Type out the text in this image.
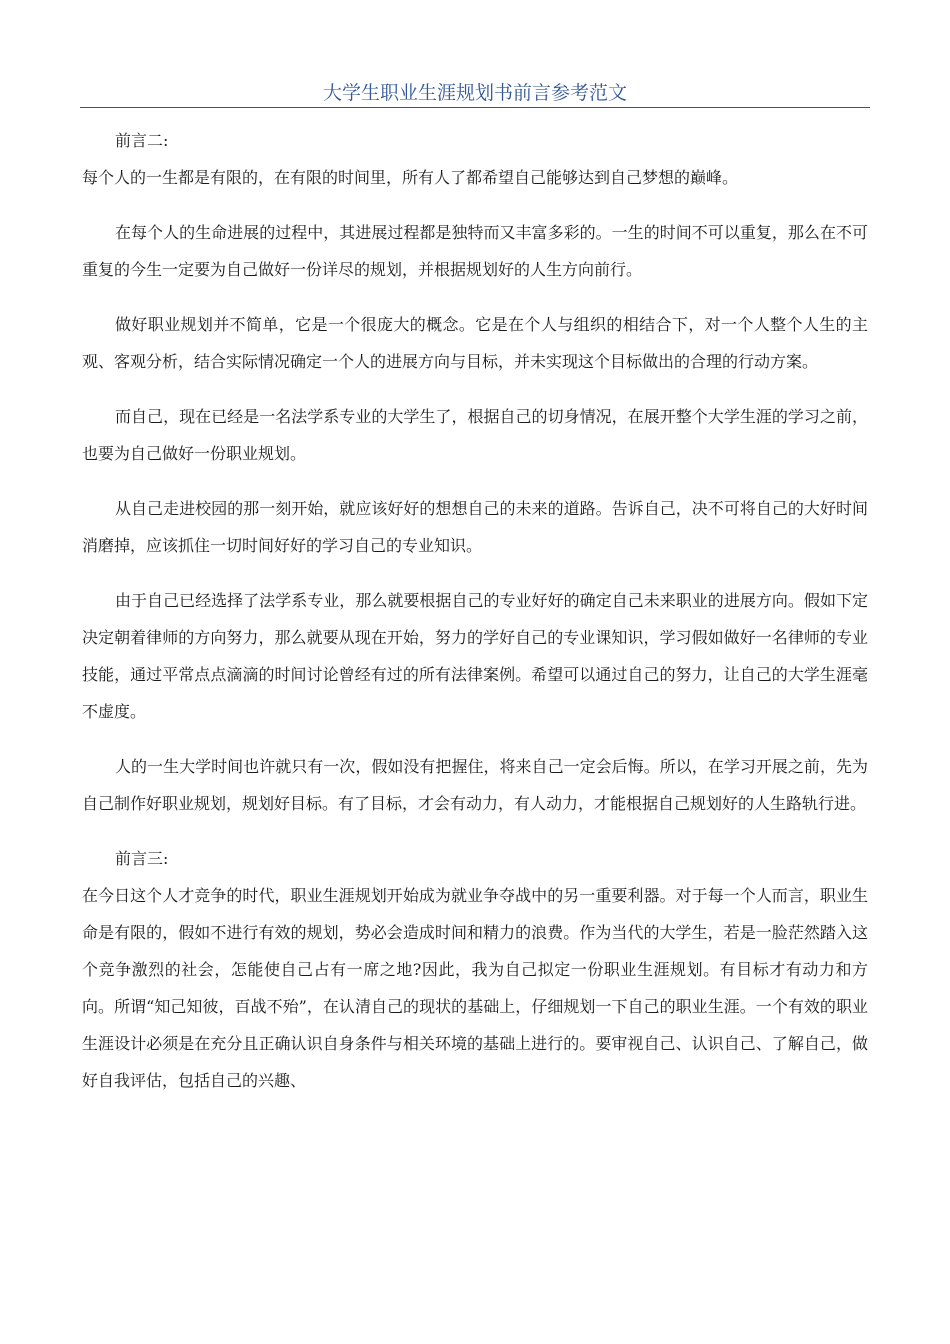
大学生职业生涯规划书前言参考范文

前言二:

每个人的一生都是有限的，在有限的时间里，所有人了都希望自己能够达到自己梦想的巅峰。

在每个人的生命进展的过程中，其进展过程都是独特而又丰富多彩的。一生的时间不可以重复，那么在不可重复的今生一定要为自己做好一份详尽的规划，并根据规划好的人生方向前行。

做好职业规划并不简单，它是一个很庞大的概念。它是在个人与组织的相结合下，对一个人整个人生的主观、客观分析，结合实际情况确定一个人的进展方向与目标，并未实现这个目标做出的合理的行动方案。

而自己，现在已经是一名法学系专业的大学生了，根据自己的切身情况，在展开整个大学生涯的学习之前，也要为自己做好一份职业规划。

从自己走进校园的那一刻开始，就应该好好的想想自己的未来的道路。告诉自己，决不可将自己的大好时间消磨掉，应该抓住一切时间好好的学习自己的专业知识。

由于自己已经选择了法学系专业，那么就要根据自己的专业好好的确定自己未来职业的进展方向。假如下定决定朝着律师的方向努力，那么就要从现在开始，努力的学好自己的专业课知识，学习假如做好一名律师的专业技能，通过平常点点滴滴的时间讨论曾经有过的所有法律案例。希望可以通过自己的努力，让自己的大学生涯毫不虚度。

人的一生大学时间也许就只有一次，假如没有把握住，将来自己一定会后悔。所以，在学习开展之前，先为自己制作好职业规划，规划好目标。有了目标，才会有动力，有人动力，才能根据自己规划好的人生路轨行进。

前言三:

在今日这个人才竞争的时代，职业生涯规划开始成为就业争夺战中的另一重要利器。对于每一个人而言，职业生命是有限的，假如不进行有效的规划，势必会造成时间和精力的浪费。作为当代的大学生，若是一脸茫然踏入这个竞争激烈的社会，怎能使自己占有一席之地?因此，我为自己拟定一份职业生涯规划。有目标才有动力和方向。所谓“知己知彼，百战不殆”，在认清自己的现状的基础上，仔细规划一下自己的职业生涯。一个有效的职业生涯设计必须是在充分且正确认识自身条件与相关环境的基础上进行的。要审视自己、认识自己、了解自己，做好自我评估，包括自己的兴趣、
